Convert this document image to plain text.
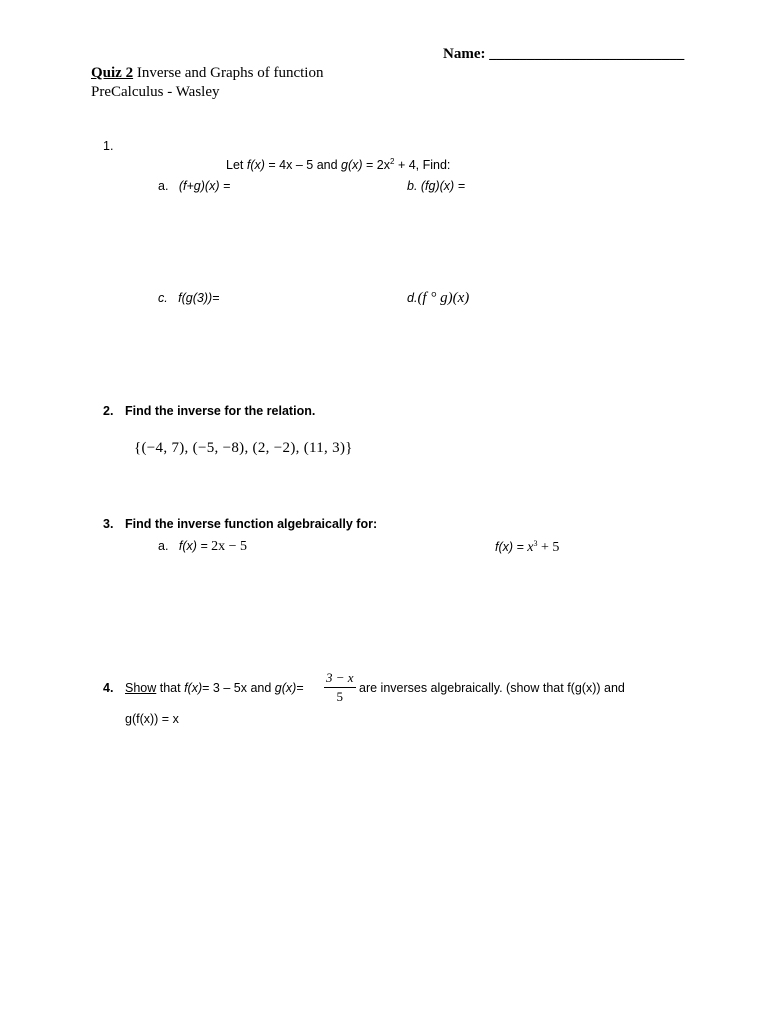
Name: __________________________
Quiz 2 Inverse and Graphs of function
PreCalculus - Wasley
1.
Let f(x) = 4x – 5 and $g(x) = 2x^2 + 4$, Find:
a. (f+g)(x) =	b. (fg)(x) =
c. f(g(3))=	d.(f ° g)(x)
2. Find the inverse for the relation.
{(−4, 7), (−5, −8), (2, −2), (11, 3)}
3. Find the inverse function algebraically for:
a. f(x) = 2x − 5	$f(x) = x^3 + 5$
4. Show that f(x)= 3 – 5x and $g(x)= \frac{3 - x}{5}$ are inverses algebraically. (show that f(g(x)) and
g(f(x)) = x
